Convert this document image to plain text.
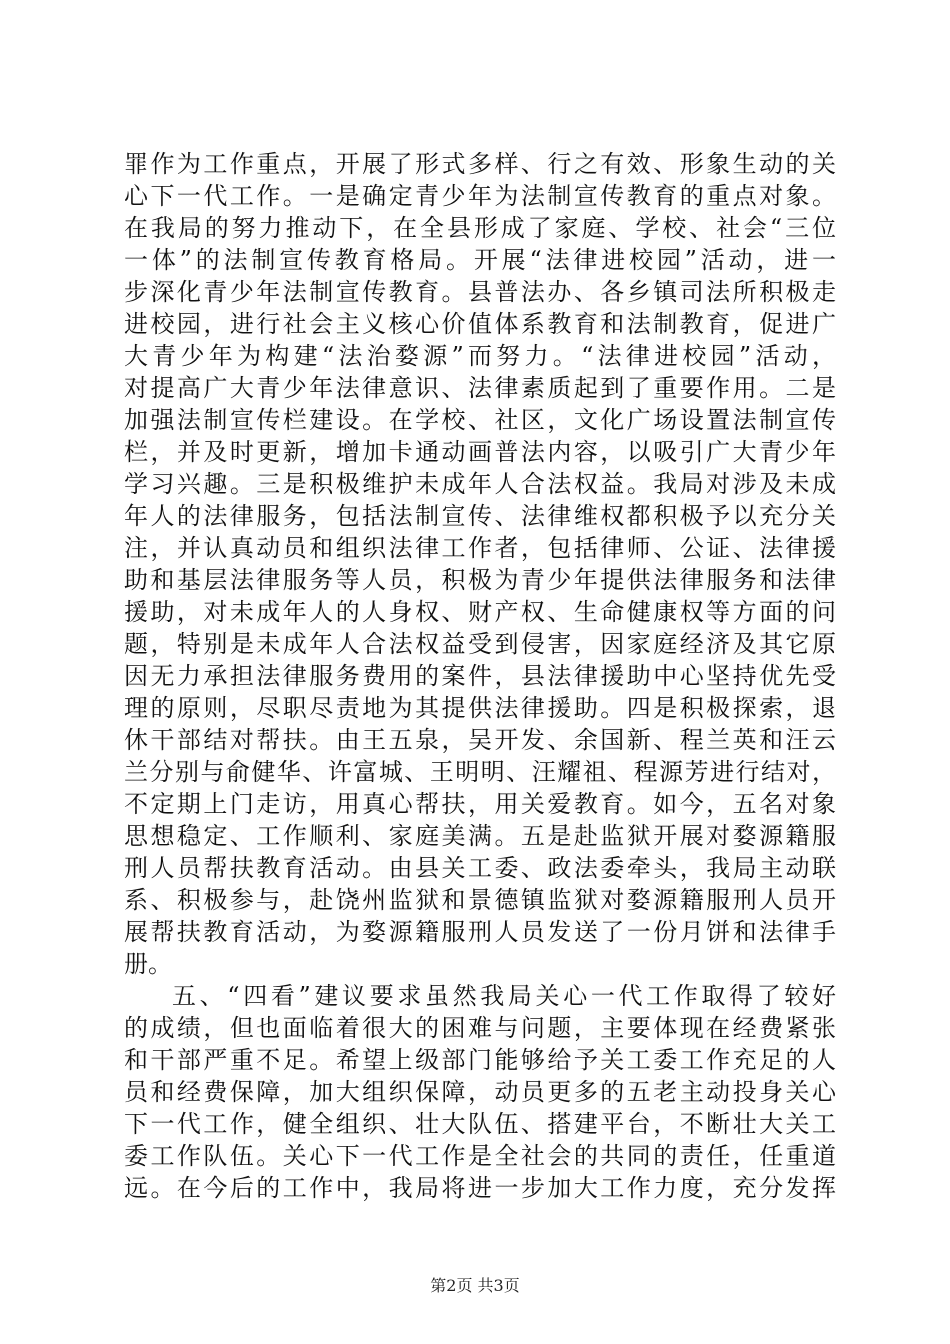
罪作为工作重点，开展了形式多样、行之有效、形象生动的关
心下一代工作。一是确定青少年为法制宣传教育的重点对象。
在我局的努力推动下，在全县形成了家庭、学校、社会“三位
一体”的法制宣传教育格局。开展“法律进校园”活动，进一
步深化青少年法制宣传教育。县普法办、各乡镇司法所积极走
进校园，进行社会主义核心价值体系教育和法制教育，促进广
大青少年为构建“法治婺源”而努力。“法律进校园”活动，
对提高广大青少年法律意识、法律素质起到了重要作用。二是
加强法制宣传栏建设。在学校、社区，文化广场设置法制宣传
栏，并及时更新，增加卡通动画普法内容，以吸引广大青少年
学习兴趣。三是积极维护未成年人合法权益。我局对涉及未成
年人的法律服务，包括法制宣传、法律维权都积极予以充分关
注，并认真动员和组织法律工作者，包括律师、公证、法律援
助和基层法律服务等人员，积极为青少年提供法律服务和法律
援助，对未成年人的人身权、财产权、生命健康权等方面的问
题，特别是未成年人合法权益受到侵害，因家庭经济及其它原
因无力承担法律服务费用的案件，县法律援助中心坚持优先受
理的原则，尽职尽责地为其提供法律援助。四是积极探索，退
休干部结对帮扶。由王五泉，吴开发、余国新、程兰英和汪云
兰分别与俞健华、许富城、王明明、汪耀祖、程源芳进行结对，
不定期上门走访，用真心帮扶，用关爱教育。如今，五名对象
思想稳定、工作顺利、家庭美满。五是赴监狱开展对婺源籍服
刑人员帮扶教育活动。由县关工委、政法委牵头，我局主动联
系、积极参与，赴饶州监狱和景德镇监狱对婺源籍服刑人员开
展帮扶教育活动，为婺源籍服刑人员发送了一份月饼和法律手
册。
五、“四看”建议要求虽然我局关心一代工作取得了较好
的成绩，但也面临着很大的困难与问题，主要体现在经费紧张
和干部严重不足。希望上级部门能够给予关工委工作充足的人
员和经费保障，加大组织保障，动员更多的五老主动投身关心
下一代工作，健全组织、壮大队伍、搭建平台，不断壮大关工
委工作队伍。关心下一代工作是全社会的共同的责任，任重道
远。在今后的工作中，我局将进一步加大工作力度，充分发挥
第2页 共3页
